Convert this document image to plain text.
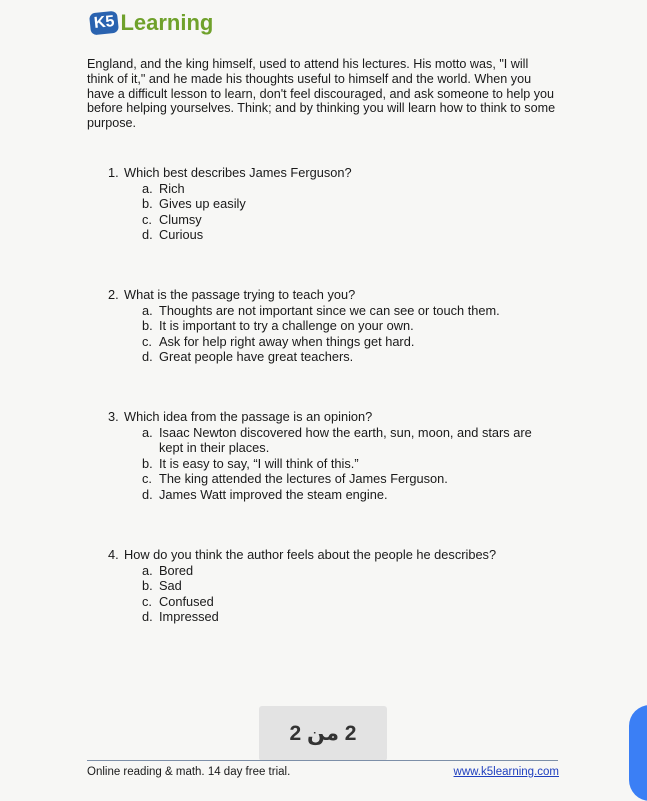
K5 Learning

England, and the king himself, used to attend his lectures. His motto was, "I will think of it," and he made his thoughts useful to himself and the world. When you have a difficult lesson to learn, don't feel discouraged, and ask someone to help you before helping yourselves. Think; and by thinking you will learn how to think to some purpose.

1. Which best describes James Ferguson?
a. Rich
b. Gives up easily
c. Clumsy
d. Curious
2. What is the passage trying to teach you?
a. Thoughts are not important since we can see or touch them.
b. It is important to try a challenge on your own.
c. Ask for help right away when things get hard.
d. Great people have great teachers.
3. Which idea from the passage is an opinion?
a. Isaac Newton discovered how the earth, sun, moon, and stars are kept in their places.
b. It is easy to say, “I will think of this.”
c. The king attended the lectures of James Ferguson.
d. James Watt improved the steam engine.
4. How do you think the author feels about the people he describes?
a. Bored
b. Sad
c. Confused
d. Impressed
2 من 2
Online reading & math. 14 day free trial.	www.k5learning.com
